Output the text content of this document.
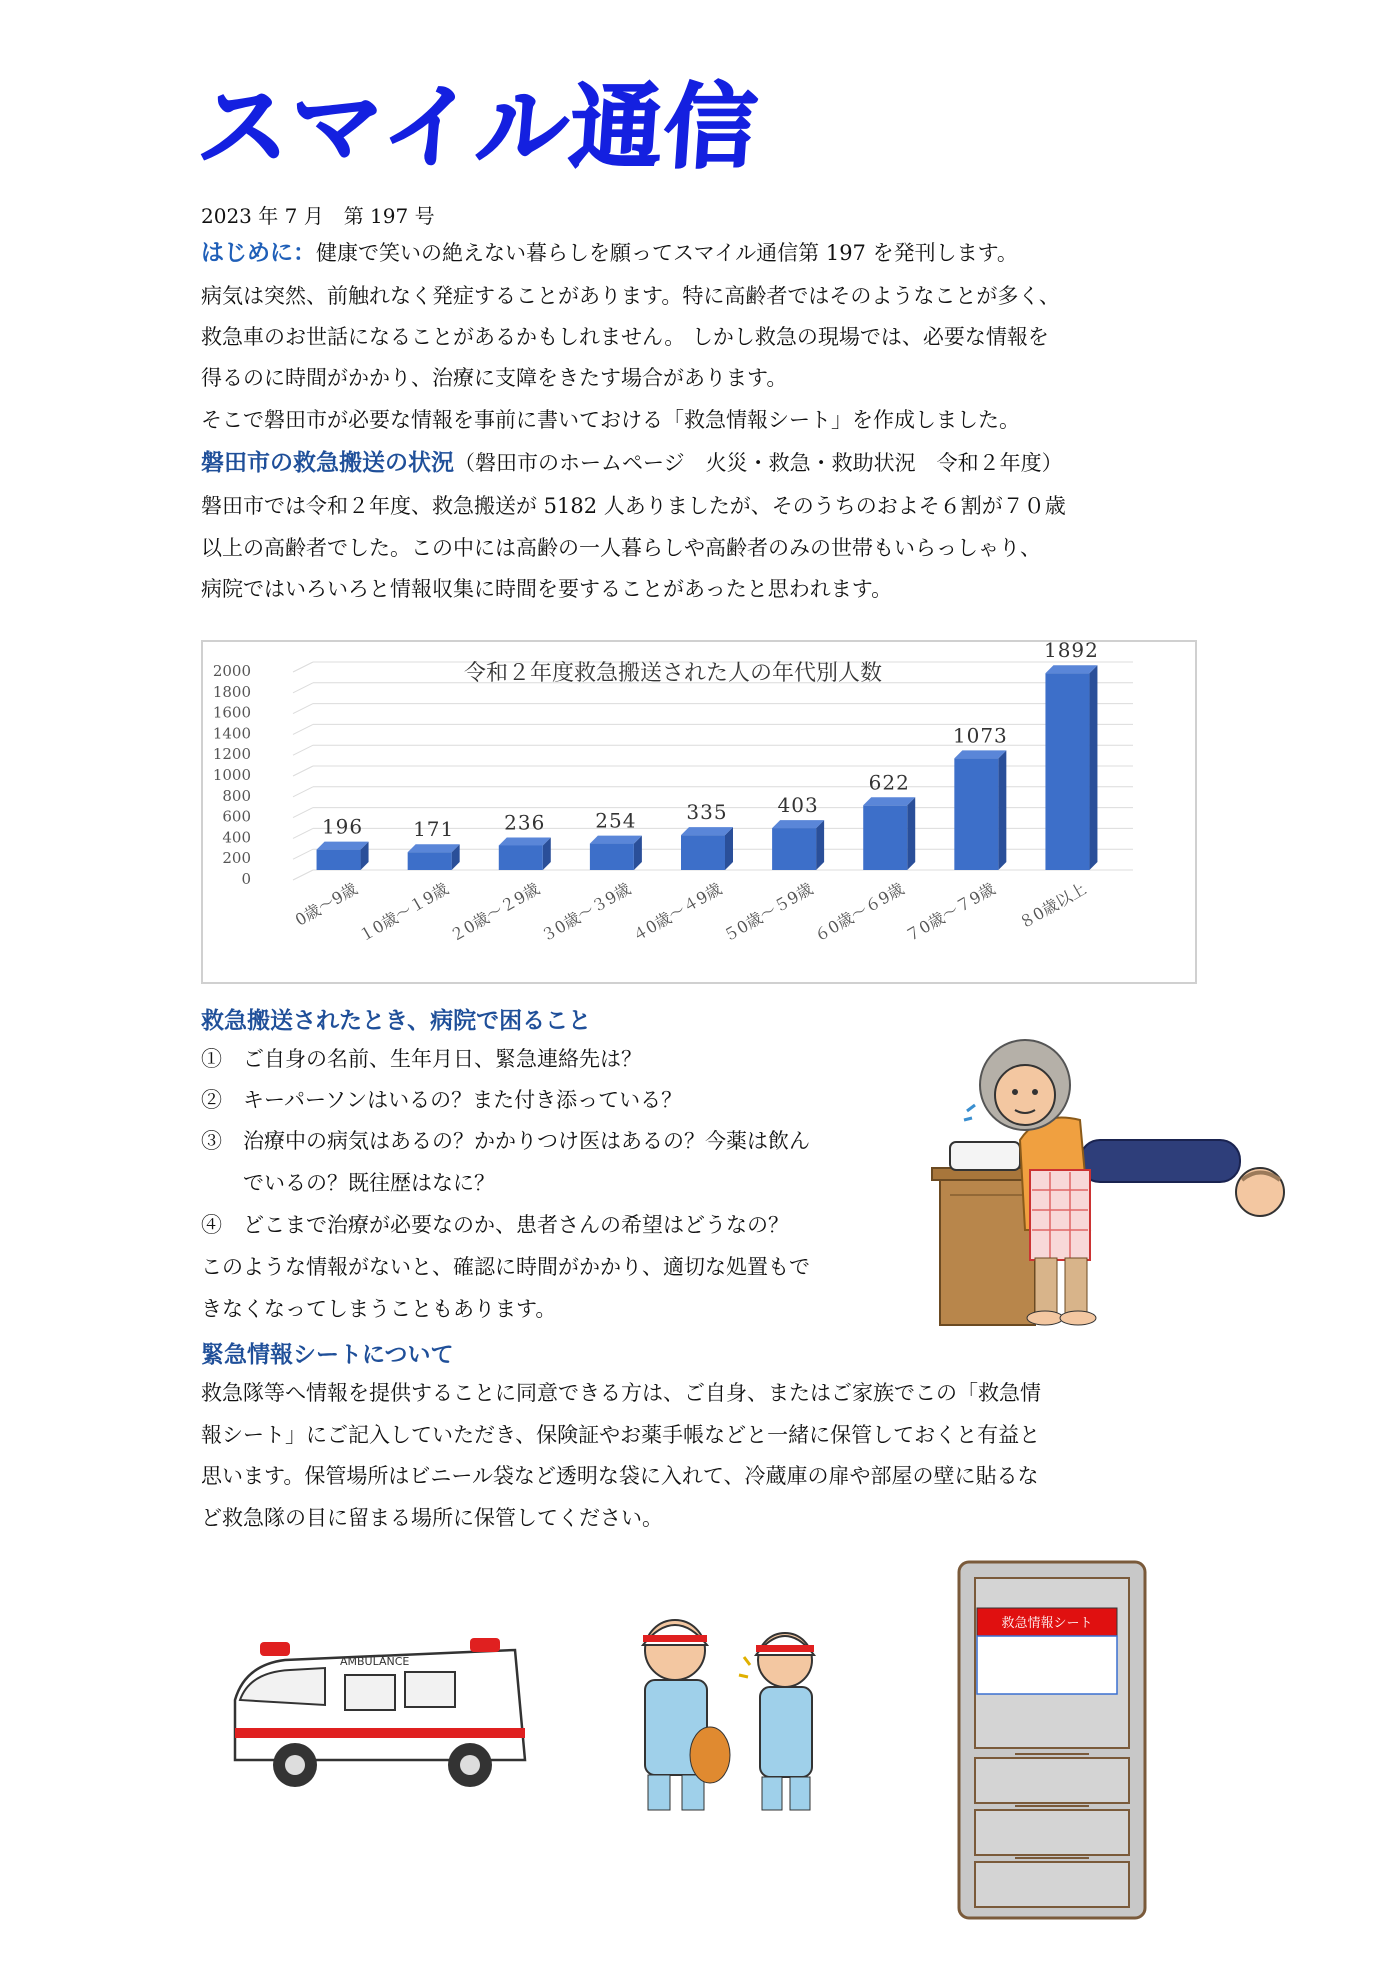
スマイル通信
2023 年 7 月　第 197 号
はじめに：健康で笑いの絶えない暮らしを願ってスマイル通信第 197 を発刊します。
病気は突然、前触れなく発症することがあります。特に高齢者ではそのようなことが多く、
救急車のお世話になることがあるかもしれません。 しかし救急の現場では、必要な情報を
得るのに時間がかかり、治療に支障をきたす場合があります。
そこで磐田市が必要な情報を事前に書いておける「救急情報シート」を作成しました。
磐田市の救急搬送の状況（磐田市のホームページ　火災・救急・救助状況　令和２年度）
磐田市では令和２年度、救急搬送が 5182 人ありましたが、そのうちのおよそ６割が７０歳
以上の高齢者でした。この中には高齢の一人暮らしや高齢者のみの世帯もいらっしゃり、
病院ではいろいろと情報収集に時間を要することがあったと思われます。
0
200
400
600
800
1000
1200
1400
1600
1800
2000	令和２年度救急搬送された人の年代別人数
196
0歳～9歳
171
１0歳～１9歳
236
２0歳～２9歳
254
３0歳～３9歳
335
４0歳～４9歳
403
５0歳～５9歳
622
６0歳～６9歳
1073
７0歳～７9歳
1892
８0歳以上
救急搬送されたとき、病院で困ること
①　ご自身の名前、生年月日、緊急連絡先は？
②　キーパーソンはいるの？また付き添っている？
③　治療中の病気はあるの？かかりつけ医はあるの？今薬は飲ん
　　でいるの？既往歴はなに？
④　どこまで治療が必要なのか、患者さんの希望はどうなの？
このような情報がないと、確認に時間がかかり、適切な処置もで
きなくなってしまうこともあります。
緊急情報シートについて
救急隊等へ情報を提供することに同意できる方は、ご自身、またはご家族でこの「救急情
報シート」にご記入していただき、保険証やお薬手帳などと一緒に保管しておくと有益と
思います。保管場所はビニール袋など透明な袋に入れて、冷蔵庫の扉や部屋の壁に貼るな
ど救急隊の目に留まる場所に保管してください。
AMBULANCE
救急情報シート
